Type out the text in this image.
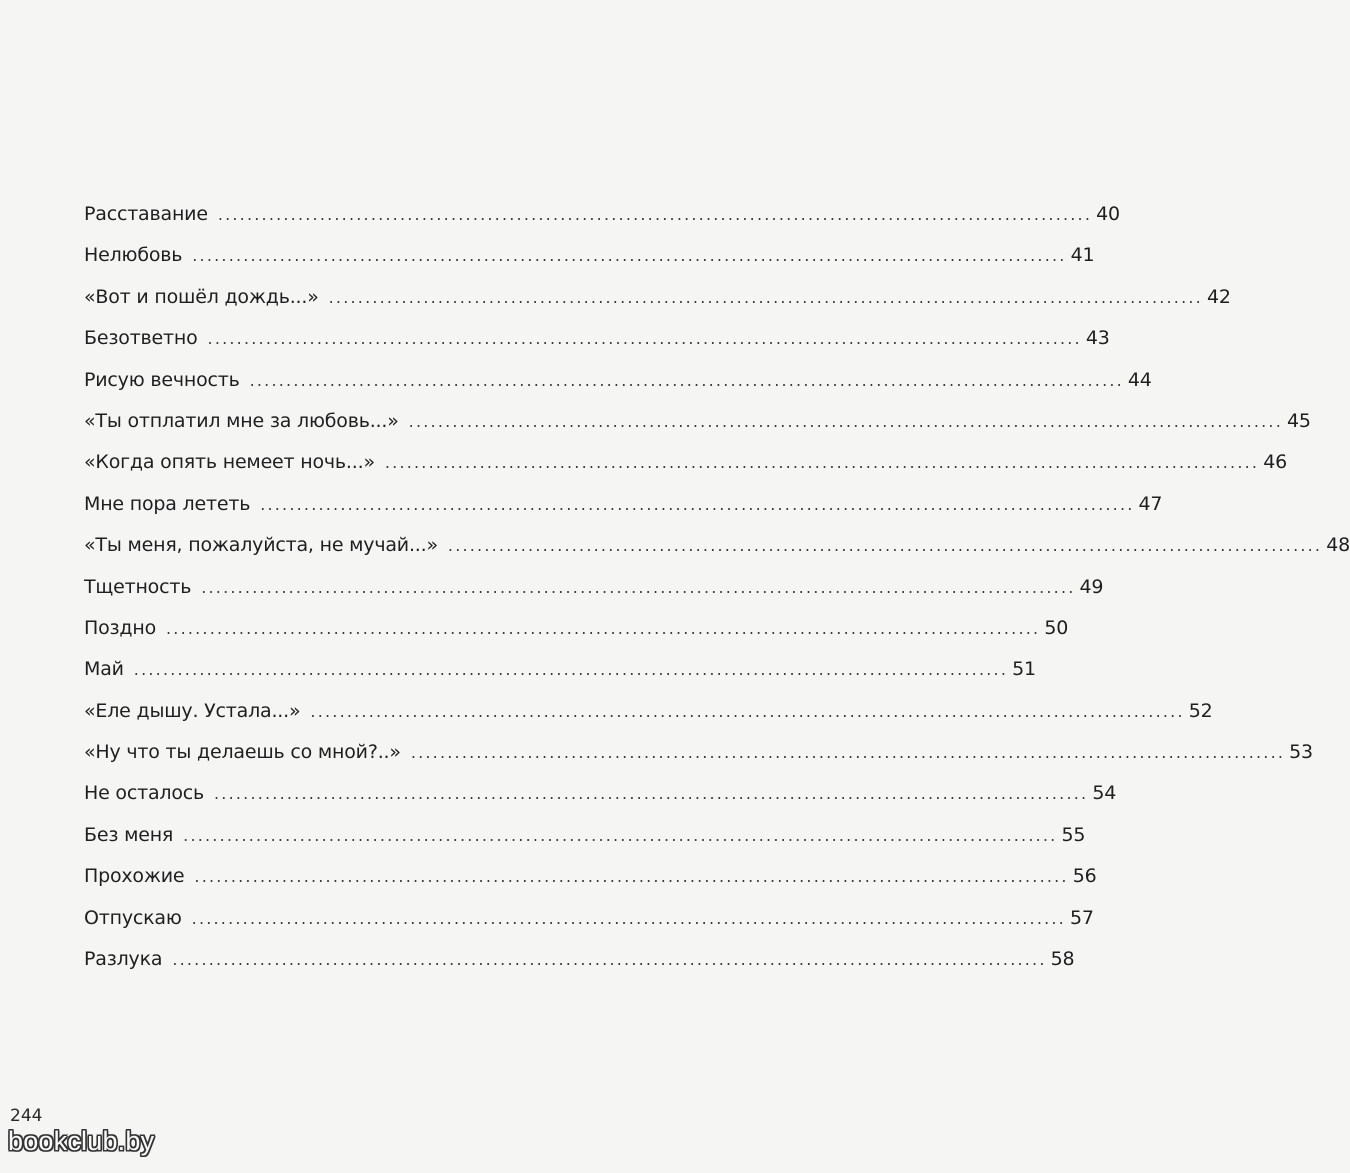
Расставание ........................................................................................................................ 40
Нелюбовь ........................................................................................................................ 41
«Вот и пошёл дождь...» ........................................................................................................................ 42
Безответно ........................................................................................................................ 43
Рисую вечность ........................................................................................................................ 44
«Ты отплатил мне за любовь...» ........................................................................................................................ 45
«Когда опять немеет ночь...» ........................................................................................................................ 46
Мне пора лететь ........................................................................................................................ 47
«Ты меня, пожалуйста, не мучай...» ........................................................................................................................ 48
Тщетность ........................................................................................................................ 49
Поздно ........................................................................................................................ 50
Май ........................................................................................................................ 51
«Еле дышу. Устала...» ........................................................................................................................ 52
«Ну что ты делаешь со мной?..» ........................................................................................................................ 53
Не осталось ........................................................................................................................ 54
Без меня ........................................................................................................................ 55
Прохожие ........................................................................................................................ 56
Отпускаю ........................................................................................................................ 57
Разлука ........................................................................................................................ 58
244
bookclub.by
